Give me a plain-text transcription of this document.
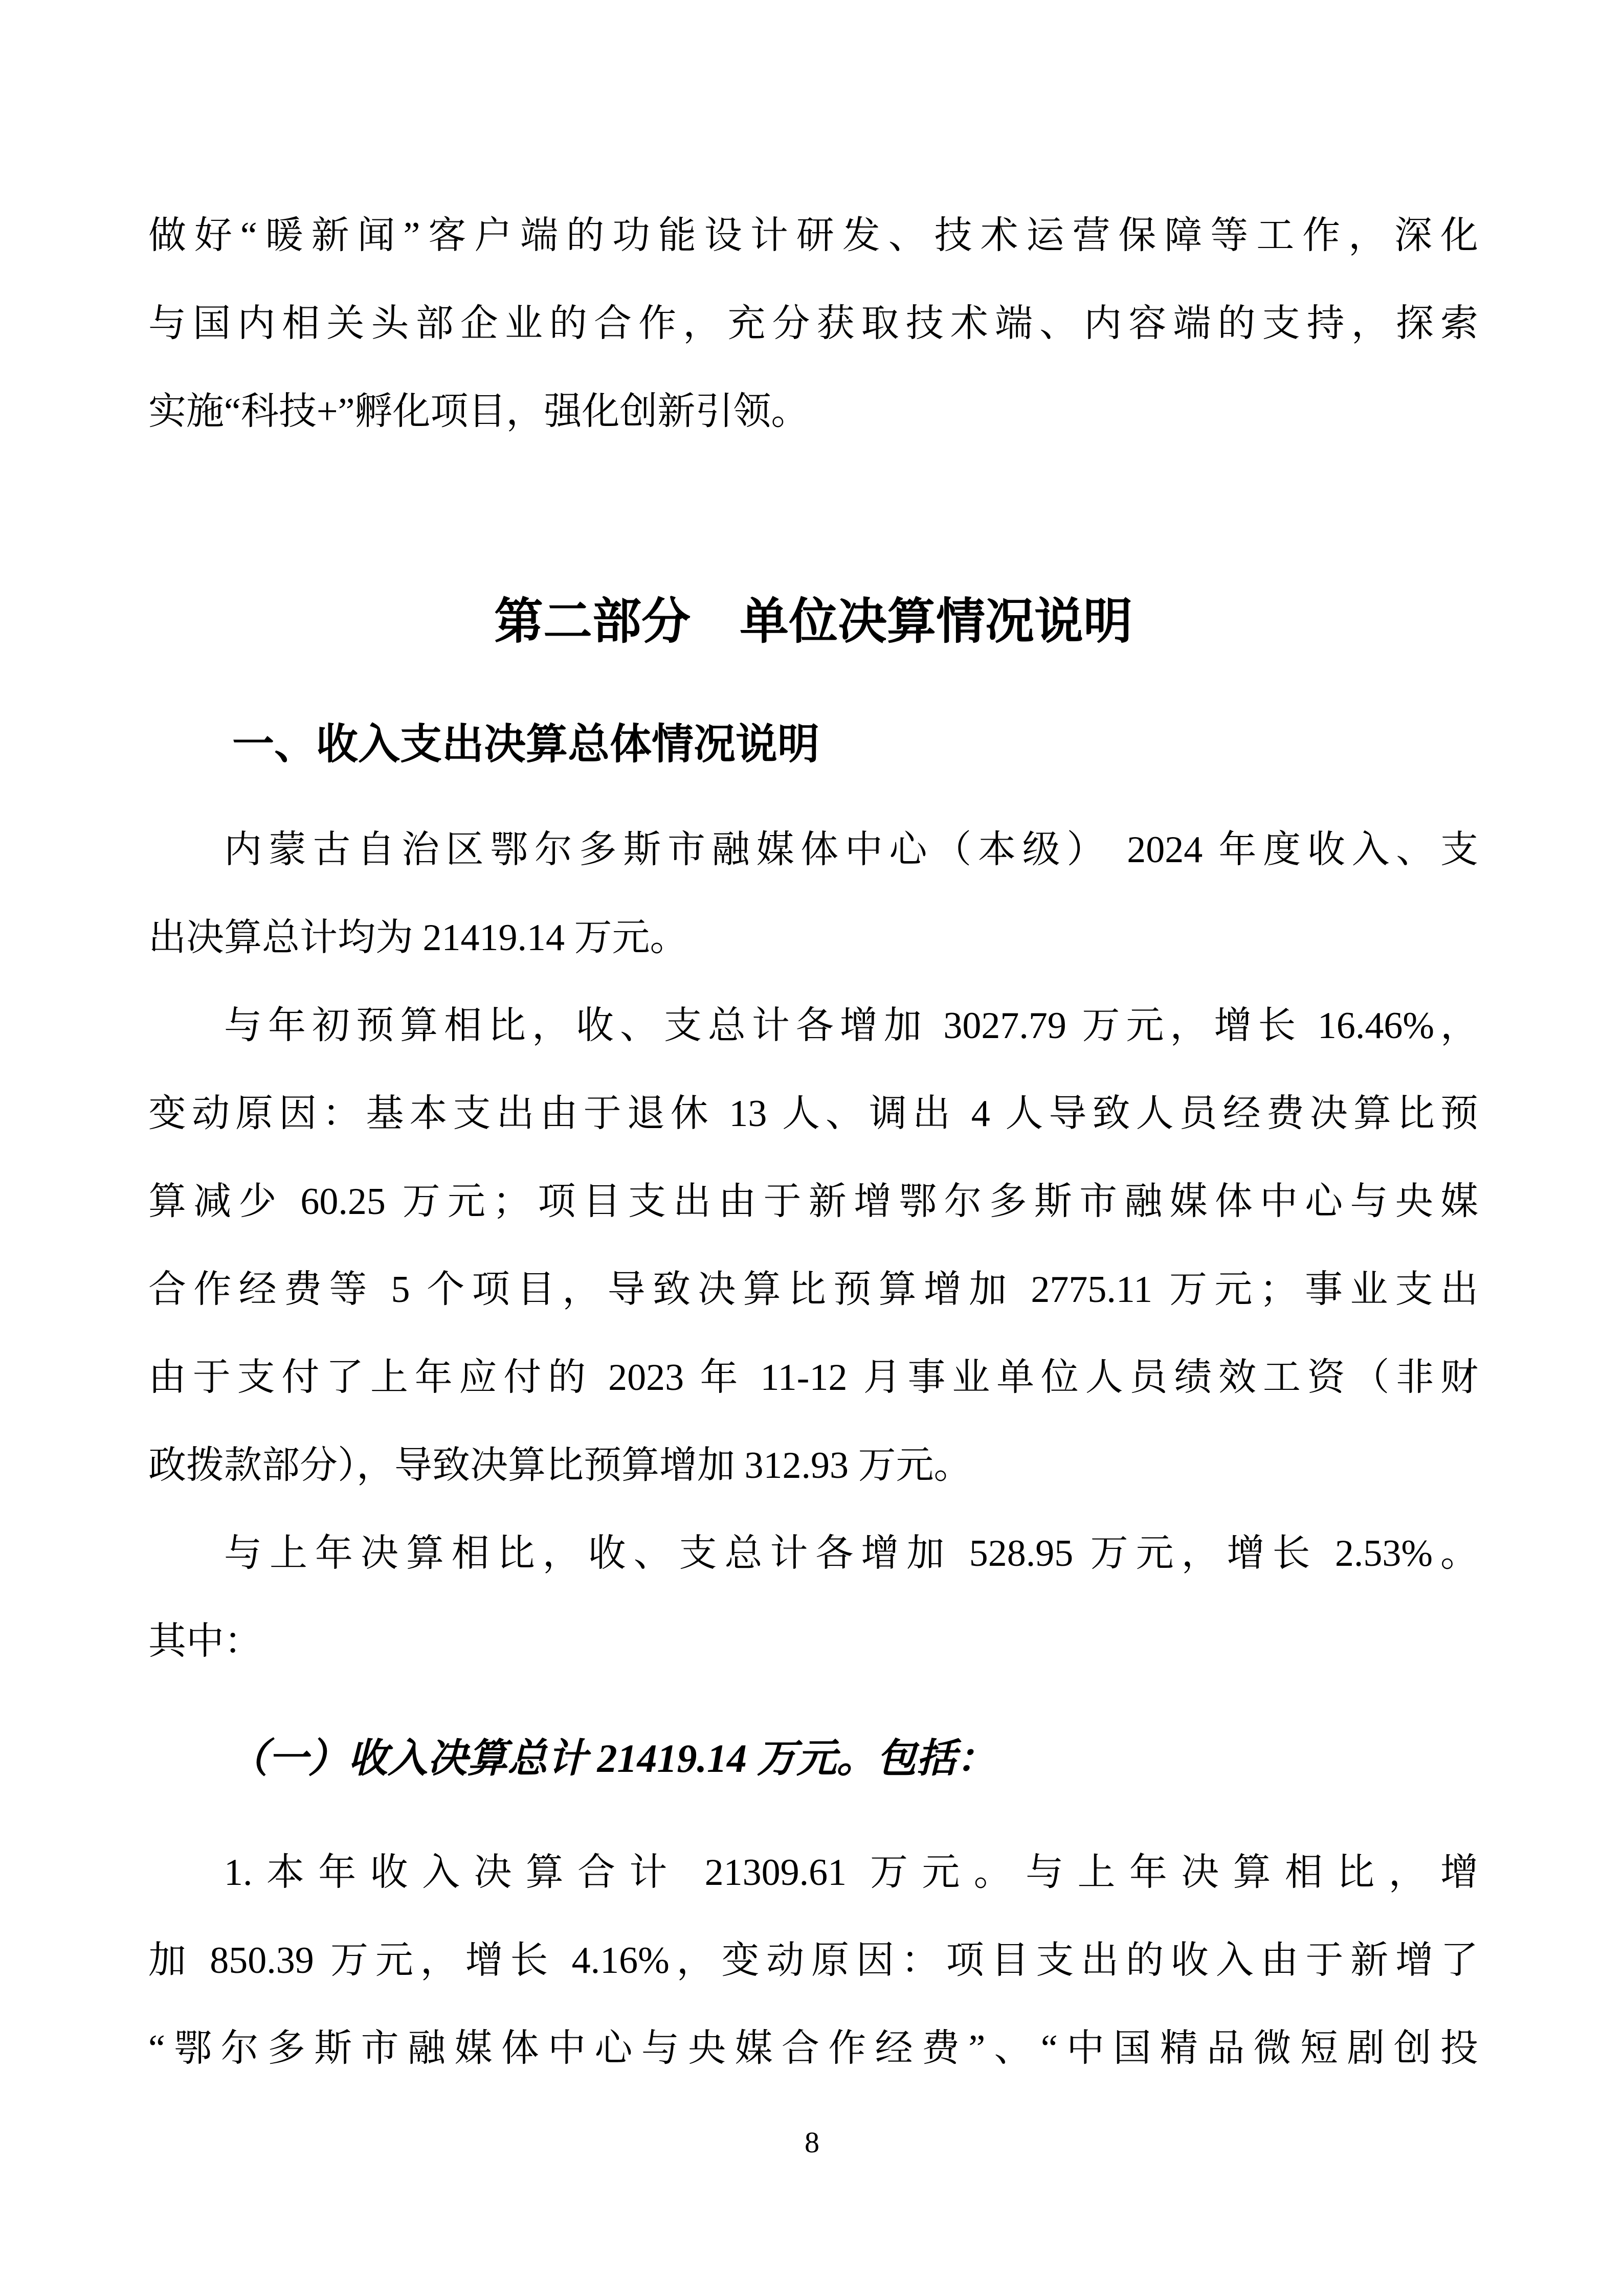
做好“暖新闻”客户端的功能设计研发、技术运营保障等工作，深化
与国内相关头部企业的合作，充分获取技术端、内容端的支持，探索
实施“科技+”孵化项目，强化创新引领。
第二部分　单位决算情况说明
一、收入支出决算总体情况说明
内蒙古自治区鄂尔多斯市融媒体中心（本级） 2024 年度收入、支
出决算总计均为 21419.14 万元。
与年初预算相比，收、支总计各增加 3027.79 万元，增长 16.46%，
变动原因：基本支出由于退休 13 人、调出 4 人导致人员经费决算比预
算减少 60.25 万元；项目支出由于新增鄂尔多斯市融媒体中心与央媒
合作经费等 5 个项目，导致决算比预算增加 2775.11 万元；事业支出
由于支付了上年应付的 2023 年 11-12 月事业单位人员绩效工资（非财
政拨款部分），导致决算比预算增加 312.93 万元。
与上年决算相比，收、支总计各增加 528.95 万元，增长 2.53%。
其中：
（一）收入决算总计 21419.14 万元。包括：
1.本年收入决算合计 21309.61 万元。与上年决算相比，增
加 850.39 万元，增长 4.16%，变动原因：项目支出的收入由于新增了
“鄂尔多斯市融媒体中心与央媒合作经费”、“中国精品微短剧创投
8
